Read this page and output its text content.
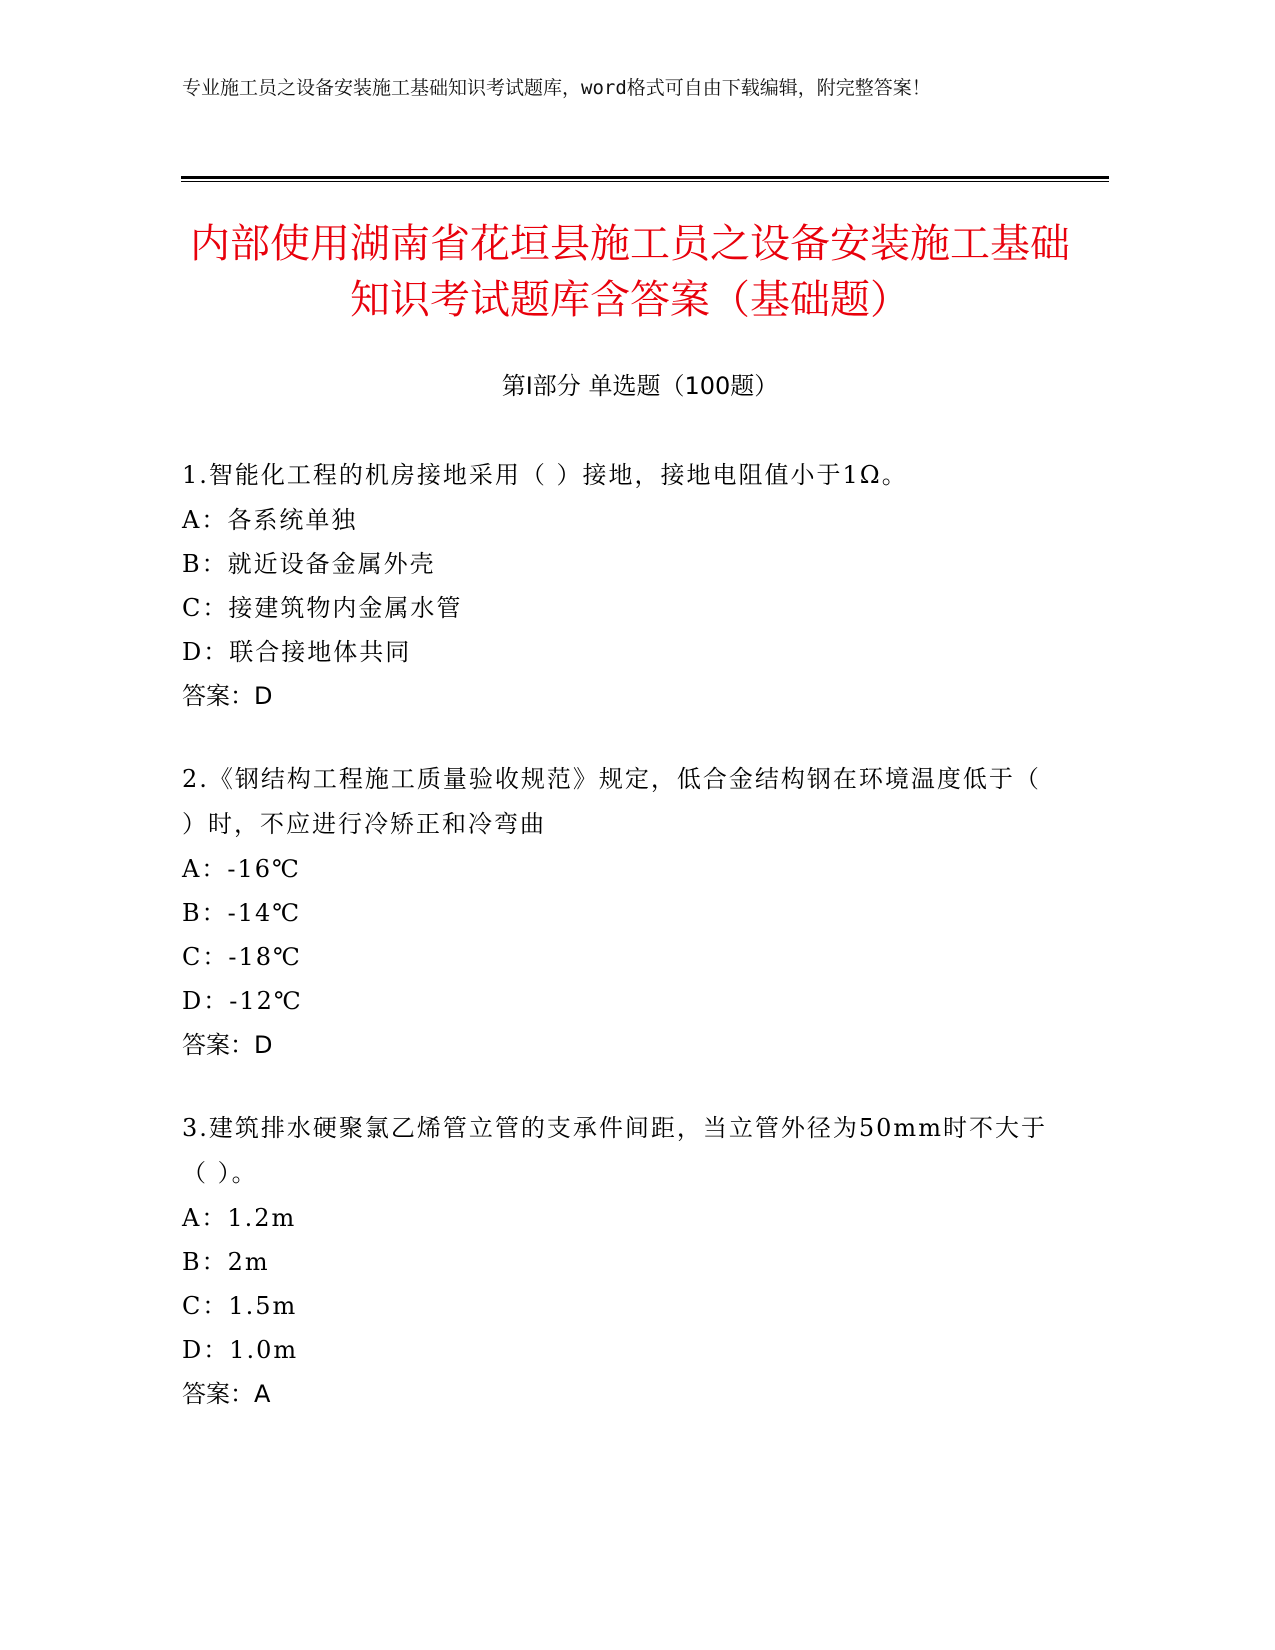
专业施工员之设备安装施工基础知识考试题库，word格式可自由下载编辑，附完整答案！
内部使用湖南省花垣县施工员之设备安装施工基础知识考试题库含答案（基础题）
第Ⅰ部分 单选题（100题）

1.智能化工程的机房接地采用（ ）接地，接地电阻值小于1Ω。

A：各系统单独

B：就近设备金属外壳

C：接建筑物内金属水管

D：联合接地体共同

答案：D

2.《钢结构工程施工质量验收规范》规定，低合金结构钢在环境温度低于（ ）时，不应进行冷矫正和冷弯曲

A：-16℃

B：-14℃

C：-18℃

D：-12℃

答案：D

3.建筑排水硬聚氯乙烯管立管的支承件间距，当立管外径为50mm时不大于（ ）。

A：1.2m

B：2m

C：1.5m

D：1.0m

答案：A
